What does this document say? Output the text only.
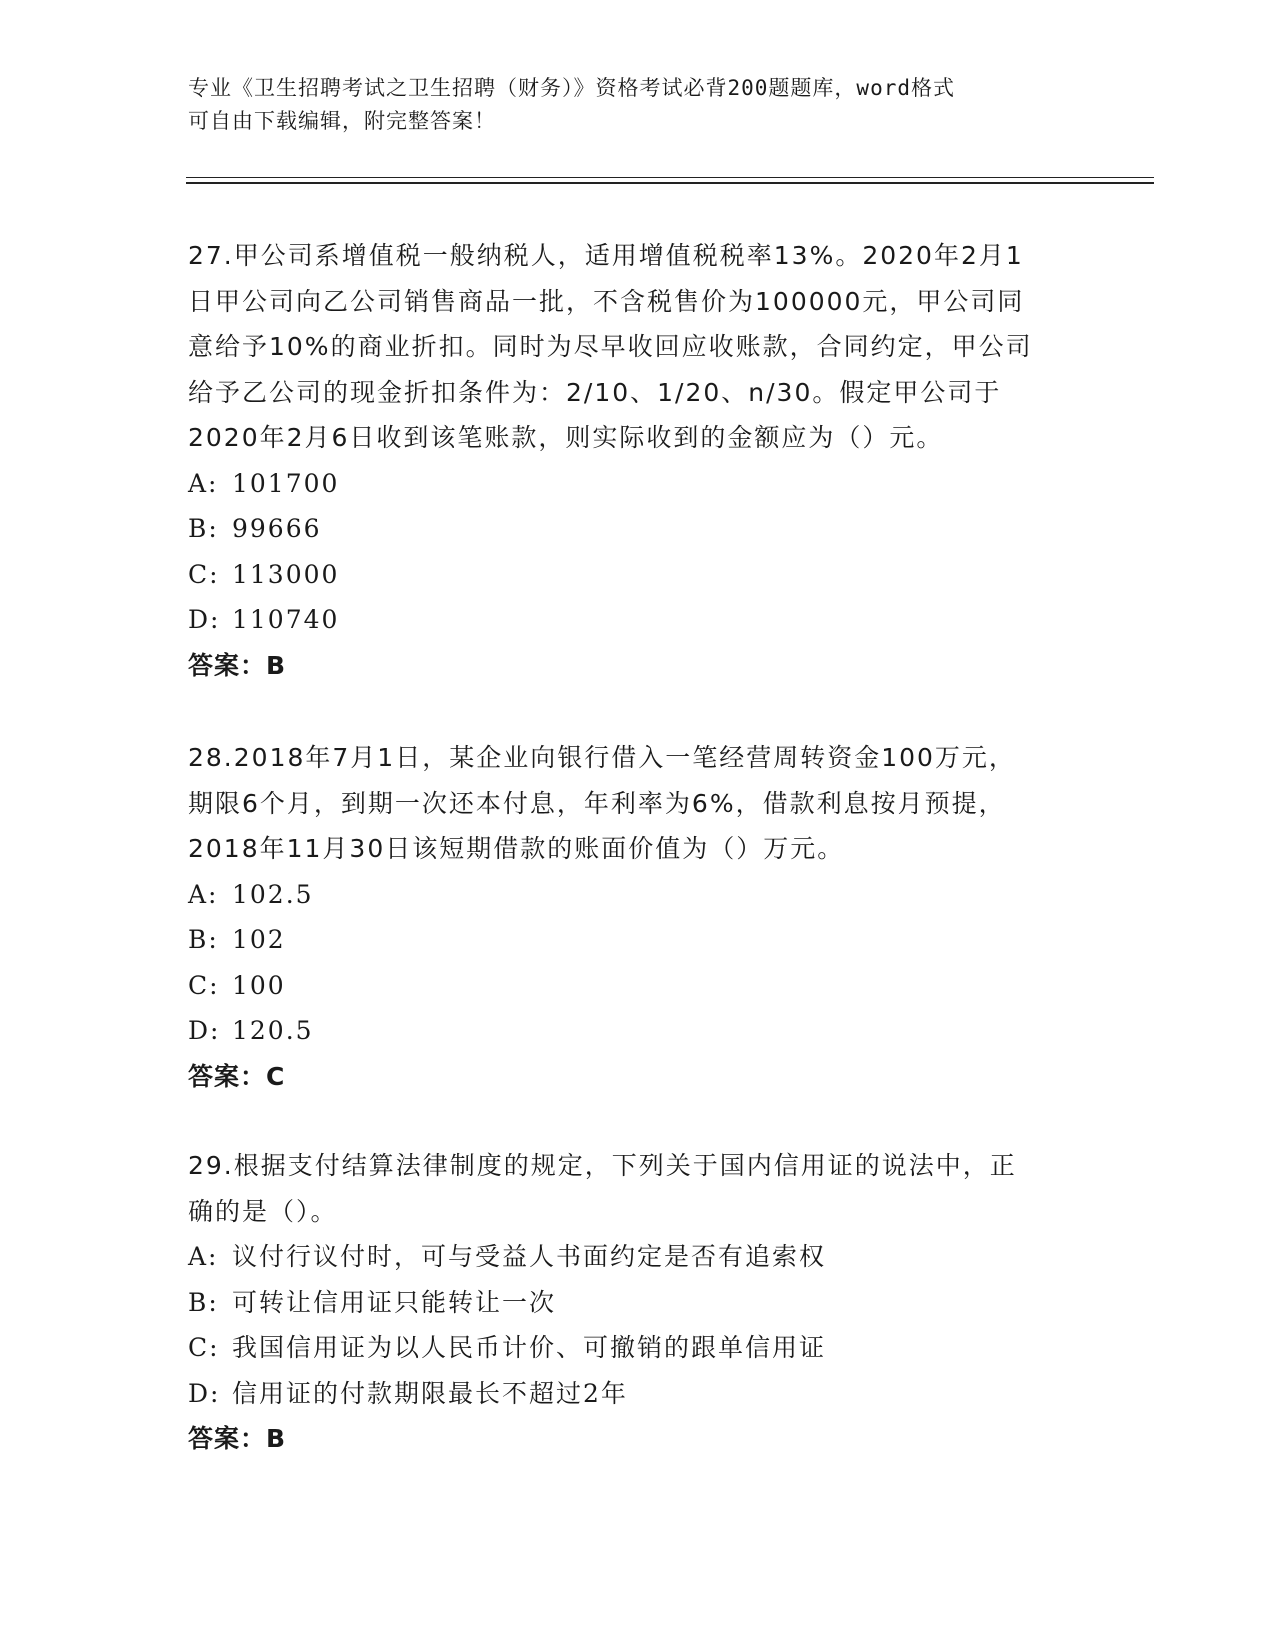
专业《卫生招聘考试之卫生招聘（财务）》资格考试必背200题题库，word格式
可自由下载编辑，附完整答案！
27.甲公司系增值税一般纳税人，适用增值税税率13%。2020年2月1
日甲公司向乙公司销售商品一批，不含税售价为100000元，甲公司同
意给予10%的商业折扣。同时为尽早收回应收账款，合同约定，甲公司
给予乙公司的现金折扣条件为：2/10、1/20、n/30。假定甲公司于
2020年2月6日收到该笔账款，则实际收到的金额应为（）元。
A: 101700
B: 99666
C: 113000
D: 110740
答案：B
28.2018年7月1日，某企业向银行借入一笔经营周转资金100万元，
期限6个月，到期一次还本付息，年利率为6%，借款利息按月预提，
2018年11月30日该短期借款的账面价值为（）万元。
A: 102.5
B: 102
C: 100
D: 120.5
答案：C
29.根据支付结算法律制度的规定，下列关于国内信用证的说法中，正
确的是（）。
A: 议付行议付时，可与受益人书面约定是否有追索权
B: 可转让信用证只能转让一次
C: 我国信用证为以人民币计价、可撤销的跟单信用证
D: 信用证的付款期限最长不超过2年
答案：B
